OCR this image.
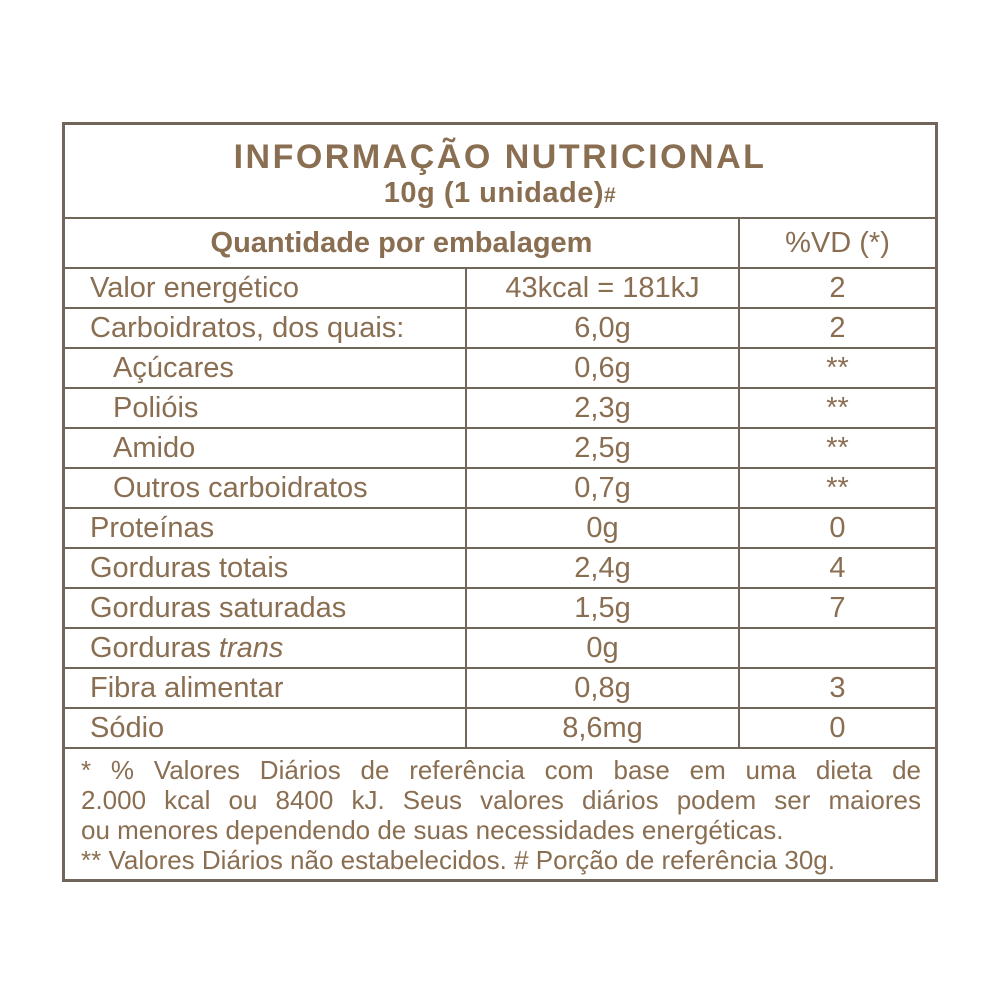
INFORMAÇÃO NUTRICIONAL
10g (1 unidade)#
Quantidade por embalagem	%VD (*)
Valor energético	43kcal = 181kJ	2
Carboidratos, dos quais:	6,0g	2
Açúcares	0,6g	**
Polióis	2,3g	**
Amido	2,5g	**
Outros carboidratos	0,7g	**
Proteínas	0g	0
Gorduras totais	2,4g	4
Gorduras saturadas	1,5g	7
Gorduras trans	0g
Fibra alimentar	0,8g	3
Sódio	8,6mg	0
* % Valores Diários de referência com base em uma dieta de
2.000 kcal ou 8400 kJ. Seus valores diários podem ser maiores
ou menores dependendo de suas necessidades energéticas.
** Valores Diários não estabelecidos. # Porção de referência 30g.
